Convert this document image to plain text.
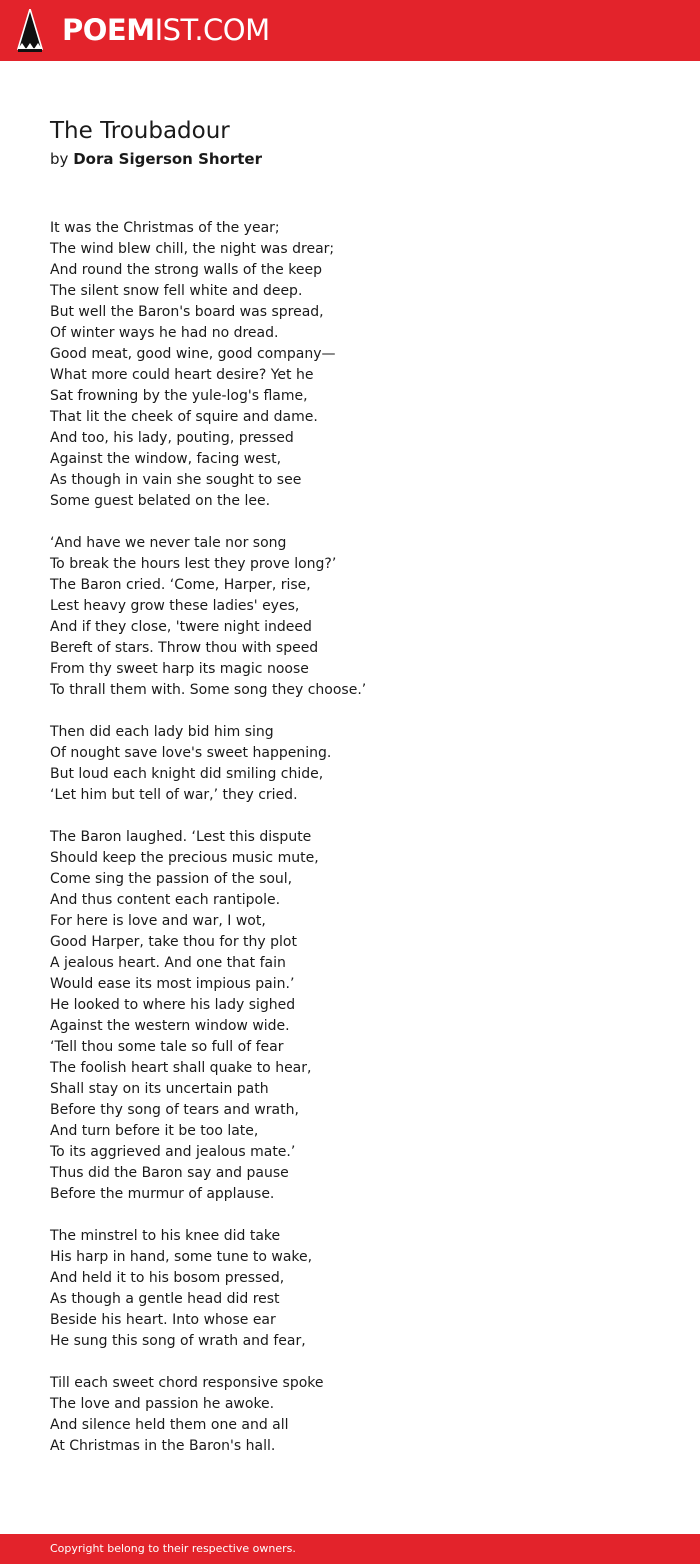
POEMIST.COM
The Troubadour
by Dora Sigerson Shorter
It was the Christmas of the year;
The wind blew chill, the night was drear;
And round the strong walls of the keep
The silent snow fell white and deep.
But well the Baron's board was spread,
Of winter ways he had no dread.
Good meat, good wine, good company—
What more could heart desire? Yet he
Sat frowning by the yule-log's flame,
That lit the cheek of squire and dame.
And too, his lady, pouting, pressed
Against the window, facing west,
As though in vain she sought to see
Some guest belated on the lee.
‘And have we never tale nor song
To break the hours lest they prove long?’
The Baron cried. ‘Come, Harper, rise,
Lest heavy grow these ladies' eyes,
And if they close, 'twere night indeed
Bereft of stars. Throw thou with speed
From thy sweet harp its magic noose
To thrall them with. Some song they choose.’
Then did each lady bid him sing
Of nought save love's sweet happening.
But loud each knight did smiling chide,
‘Let him but tell of war,’ they cried.
The Baron laughed. ‘Lest this dispute
Should keep the precious music mute,
Come sing the passion of the soul,
And thus content each rantipole.
For here is love and war, I wot,
Good Harper, take thou for thy plot
A jealous heart. And one that fain
Would ease its most impious pain.’
He looked to where his lady sighed
Against the western window wide.
‘Tell thou some tale so full of fear
The foolish heart shall quake to hear,
Shall stay on its uncertain path
Before thy song of tears and wrath,
And turn before it be too late,
To its aggrieved and jealous mate.’
Thus did the Baron say and pause
Before the murmur of applause.
The minstrel to his knee did take
His harp in hand, some tune to wake,
And held it to his bosom pressed,
As though a gentle head did rest
Beside his heart. Into whose ear
He sung this song of wrath and fear,
Till each sweet chord responsive spoke
The love and passion he awoke.
And silence held them one and all
At Christmas in the Baron's hall.
Copyright belong to their respective owners.
